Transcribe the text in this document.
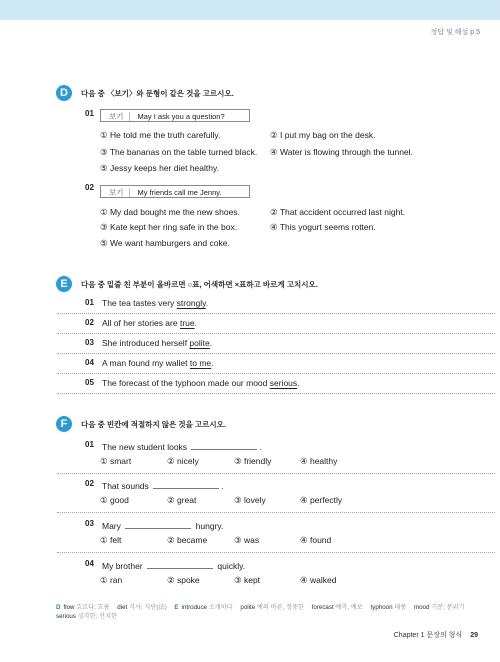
정답 및 해설 p.5
D	다음 중 〈보기〉와 문형이 같은 것을 고르시오.
01	보기 May I ask you a question?
① He told me the truth carefully.	② I put my bag on the desk.
③ The bananas on the table turned black. ④ Water is flowing through the tunnel.
⑤ Jessy keeps her diet healthy.
02
보기 My friends call me Jenny.
① My dad bought me the new shoes.	② That accident occurred last night.
③ Kate kept her ring safe in the box.	④ This yogurt seems rotten.
⑤ We want hamburgers and coke.
E	다음 중 밑줄 친 부분이 올바르면 ○표, 어색하면 ×표하고 바르게 고치시오.
01 The tea tastes very strongly.
02 All of her stories are true.
03 She introduced herself polite.
04 A man found my wallet to me.
05 The forecast of the typhoon made our mood serious.
F	다음 중 빈칸에 적절하지 않은 것을 고르시오.
01 The new student looks	.
① smart	② nicely	③ friendly	④ healthy
02 That sounds	.
① good	② great	③ lovely	④ perfectly
03 Mary	hungry.
① felt	② became	③ was	④ found
04 My brother	quickly.
① ran	② spoke	③ kept	④ walked
D flow 흐르다; 흐름 diet 식사; 식단(法) E introduce 소개하다 polite 예의 바른, 정중한 forecast 예측, 예보 typhoon 태풍 mood 기분; 분위기
serious 심각한; 진지한
Chapter 1 문장의 형식 29
